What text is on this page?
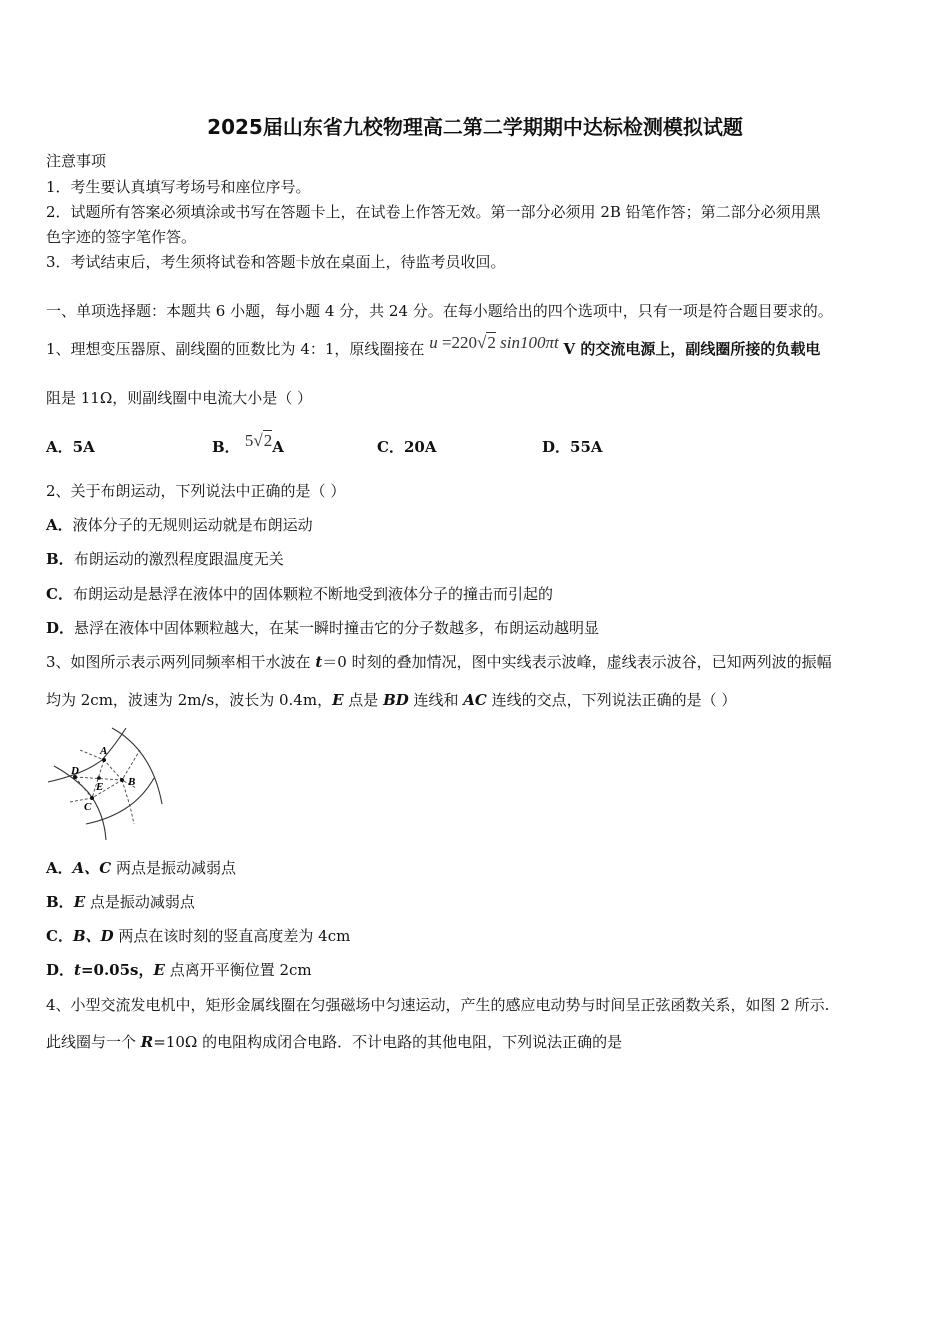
2025届山东省九校物理高二第二学期期中达标检测模拟试题
注意事项
1．考生要认真填写考场号和座位序号。
2．试题所有答案必须填涂或书写在答题卡上，在试卷上作答无效。第一部分必须用 2B 铅笔作答；第二部分必须用黑
色字迹的签字笔作答。
3．考试结束后，考生须将试卷和答题卡放在桌面上，待监考员收回。
一、单项选择题：本题共 6 小题，每小题 4 分，共 24 分。在每小题给出的四个选项中，只有一项是符合题目要求的。
1、理想变压器原、副线圈的匝数比为 4：1，原线圈接在 u =220√2 sin100πt V 的交流电源上，副线圈所接的负载电
阻是 11Ω，则副线圈中电流大小是（ ）
A．5A	B． 5√2A	C．20A	D．55A
2、关于布朗运动，下列说法中正确的是（ ）
A．液体分子的无规则运动就是布朗运动
B．布朗运动的激烈程度跟温度无关
C．布朗运动是悬浮在液体中的固体颗粒不断地受到液体分子的撞击而引起的
D．悬浮在液体中固体颗粒越大，在某一瞬时撞击它的分子数越多，布朗运动越明显
3、如图所示表示两列同频率相干水波在 t＝0 时刻的叠加情况，图中实线表示波峰，虚线表示波谷，已知两列波的振幅
均为 2cm，波速为 2m/s，波长为 0.4m，E 点是 BD 连线和 AC 连线的交点，下列说法正确的是（ ）
A
D
E B
C
A．A、C 两点是振动减弱点
B．E 点是振动减弱点
C．B、D 两点在该时刻的竖直高度差为 4cm
D．t=0.05s，E 点离开平衡位置 2cm
4、小型交流发电机中，矩形金属线圈在匀强磁场中匀速运动，产生的感应电动势与时间呈正弦函数关系，如图 2 所示.
此线圈与一个 R=10Ω 的电阻构成闭合电路．不计电路的其他电阻，下列说法正确的是
